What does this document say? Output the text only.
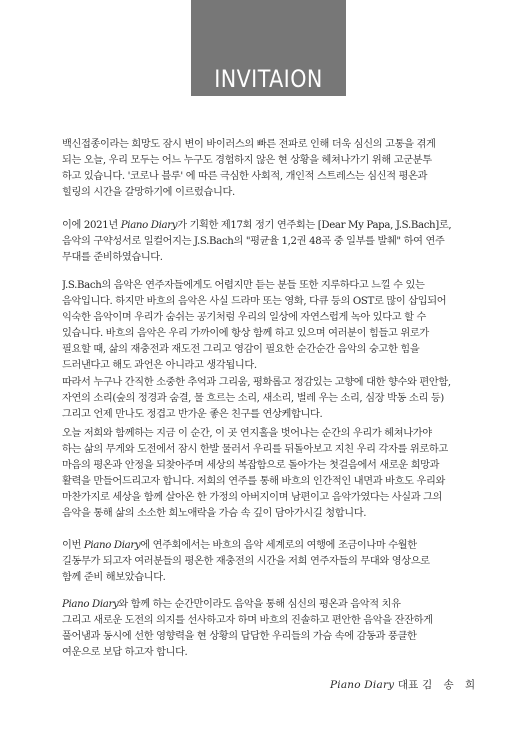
INVITAION
백신접종이라는 희망도 잠시 변이 바이러스의 빠른 전파로 인해 더욱 심신의 고통을 겪게
되는 오늘, 우리 모두는 어느 누구도 경험하지 않은 현 상황을 헤쳐나가기 위해 고군분투
하고 있습니다. '코로나 블루' 에 따른 극심한 사회적, 개인적 스트레스는 심신적 평온과
힐링의 시간을 갈망하기에 이르렀습니다.
이에 2021년 Piano Diary가 기획한 제17회 정기 연주회는 [Dear My Papa, J.S.Bach]로,
음악의 구약성서로 일컬어지는 J.S.Bach의 "평균율 1,2권 48곡 중 일부를 발췌" 하여 연주
무대를 준비하였습니다.
J.S.Bach의 음악은 연주자들에게도 어렵지만 듣는 분들 또한 지루하다고 느낄 수 있는
음악입니다. 하지만 바흐의 음악은 사실 드라마 또는 영화, 다큐 등의 OST로 많이 삽입되어
익숙한 음악이며 우리가 숨쉬는 공기처럼 우리의 일상에 자연스럽게 녹아 있다고 할 수
있습니다. 바흐의 음악은 우리 가까이에 항상 함께 하고 있으며 여러분이 힘들고 위로가
필요할 때, 삶의 재충전과 재도전 그리고 영감이 필요한 순간순간 음악의 숭고한 힘을
드러낸다고 해도 과언은 아니라고 생각됩니다.
따라서 누구나 간직한 소중한 추억과 그리움, 평화롭고 정감있는 고향에 대한 향수와 편안함,
자연의 소리(숲의 정경과 숨결, 물 흐르는 소리, 새소리, 벌레 우는 소리, 심장 박동 소리 등)
그리고 언제 만나도 정겹고 반가운 좋은 친구를 연상케합니다.
오늘 저희와 함께하는 지금 이 순간, 이 곳 연지홀을 벗어나는 순간의 우리가 헤쳐나가야
하는 삶의 무게와 도전에서 잠시 한발 물러서 우리를 뒤돌아보고 지친 우리 각자를 위로하고
마음의 평온과 안정을 되찾아주며 세상의 복잡함으로 돌아가는 첫걸음에서 새로운 희망과
활력을 만들어드리고자 합니다. 저희의 연주를 통해 바흐의 인간적인 내면과 바흐도 우리와
마찬가지로 세상을 함께 살아온 한 가정의 아버지이며 남편이고 음악가였다는 사실과 그의
음악을 통해 삶의 소소한 희노애락을 가슴 속 깊이 담아가시길 청합니다.
이번 Piano Diary에 연주회에서는 바흐의 음악 세계로의 여행에 조금이나마 수월한
길동무가 되고자 여러분들의 평온한 재충전의 시간을 저희 연주자들의 무대와 영상으로
함께 준비 해보았습니다.
Piano Diary와 함께 하는 순간만이라도 음악을 통해 심신의 평온과 음악적 치유
그리고 새로운 도전의 의지를 선사하고자 하며 바흐의 진솔하고 편안한 음악을 잔잔하게
풀어냄과 동시에 선한 영향력을 현 상황의 답답한 우리들의 가슴 속에 감동과 풍클한
여운으로 보답 하고자 합니다.
Piano Diary 대표 김 송 희
